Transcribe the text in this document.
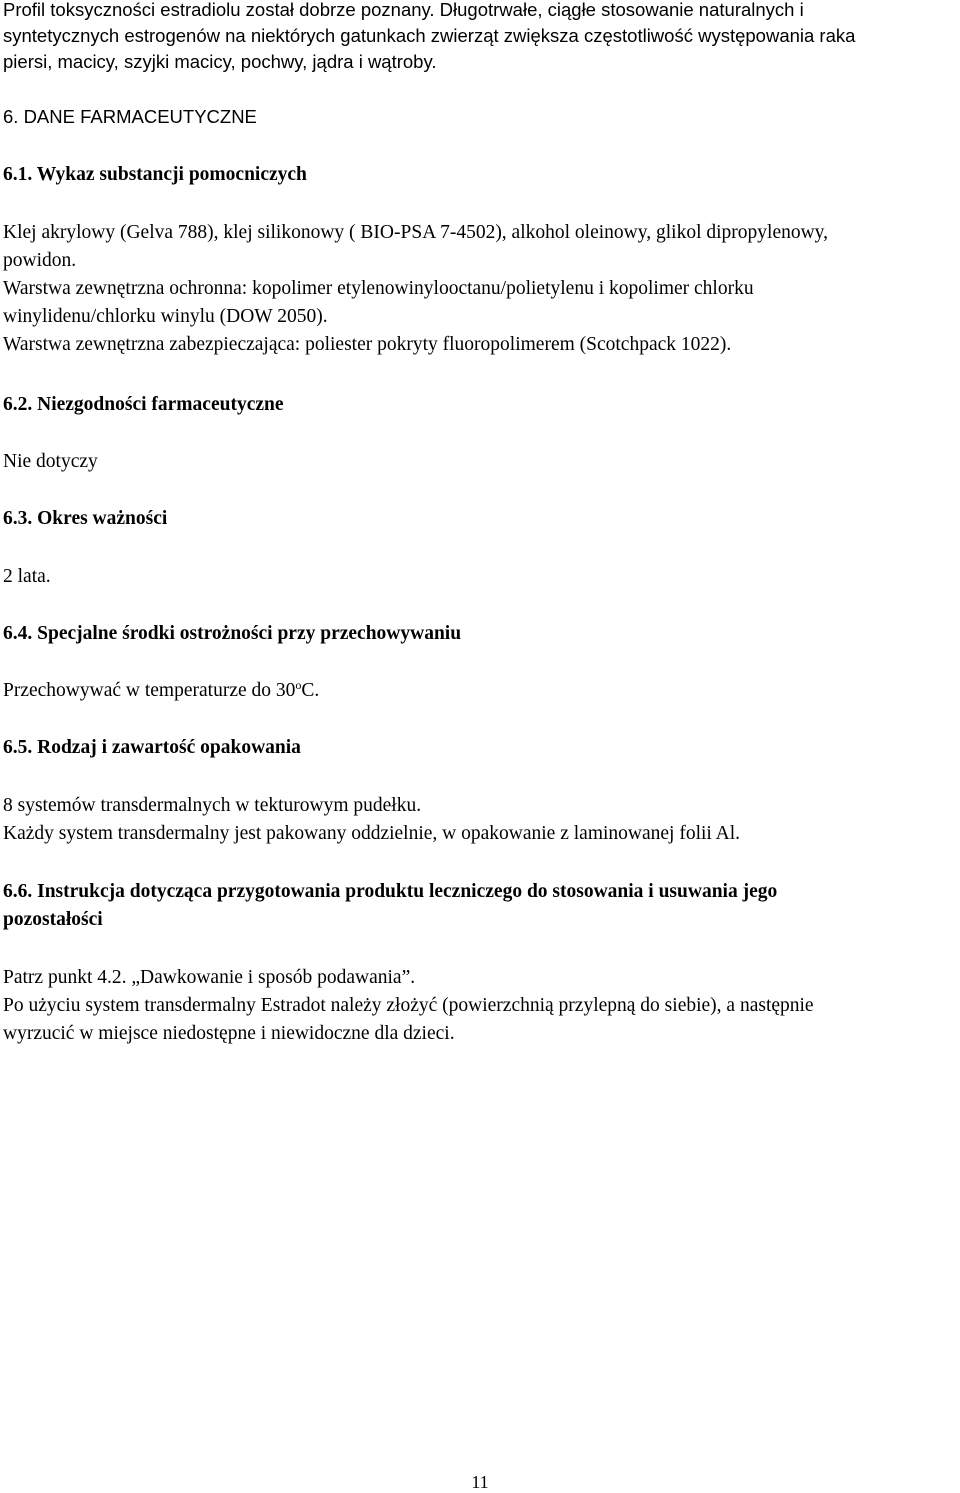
Profil toksyczności estradiolu został dobrze poznany. Długotrwałe, ciągłe stosowanie naturalnych i
syntetycznych estrogenów na niektórych gatunkach zwierząt zwiększa częstotliwość występowania raka
piersi, macicy, szyjki macicy, pochwy, jądra i wątroby.
6. DANE FARMACEUTYCZNE
6.1. Wykaz substancji pomocniczych
Klej akrylowy (Gelva 788), klej silikonowy ( BIO-PSA 7-4502), alkohol oleinowy, glikol dipropylenowy,
powidon.
Warstwa zewnętrzna ochronna: kopolimer etylenowinylooctanu/polietylenu i kopolimer chlorku
winylidenu/chlorku winylu (DOW 2050).
Warstwa zewnętrzna zabezpieczająca: poliester pokryty fluoropolimerem (Scotchpack 1022).
6.2. Niezgodności farmaceutyczne
Nie dotyczy
6.3. Okres ważności
2 lata.
6.4. Specjalne środki ostrożności przy przechowywaniu
Przechowywać w temperaturze do 30$^o$C.
6.5. Rodzaj i zawartość opakowania
8 systemów transdermalnych w tekturowym pudełku.
Każdy system transdermalny jest pakowany oddzielnie, w opakowanie z laminowanej folii Al.
6.6. Instrukcja dotycząca przygotowania produktu leczniczego do stosowania i usuwania jego
pozostałości
Patrz punkt 4.2. „Dawkowanie i sposób podawania”.
Po użyciu system transdermalny Estradot należy złożyć (powierzchnią przylepną do siebie), a następnie
wyrzucić w miejsce niedostępne i niewidoczne dla dzieci.
11
